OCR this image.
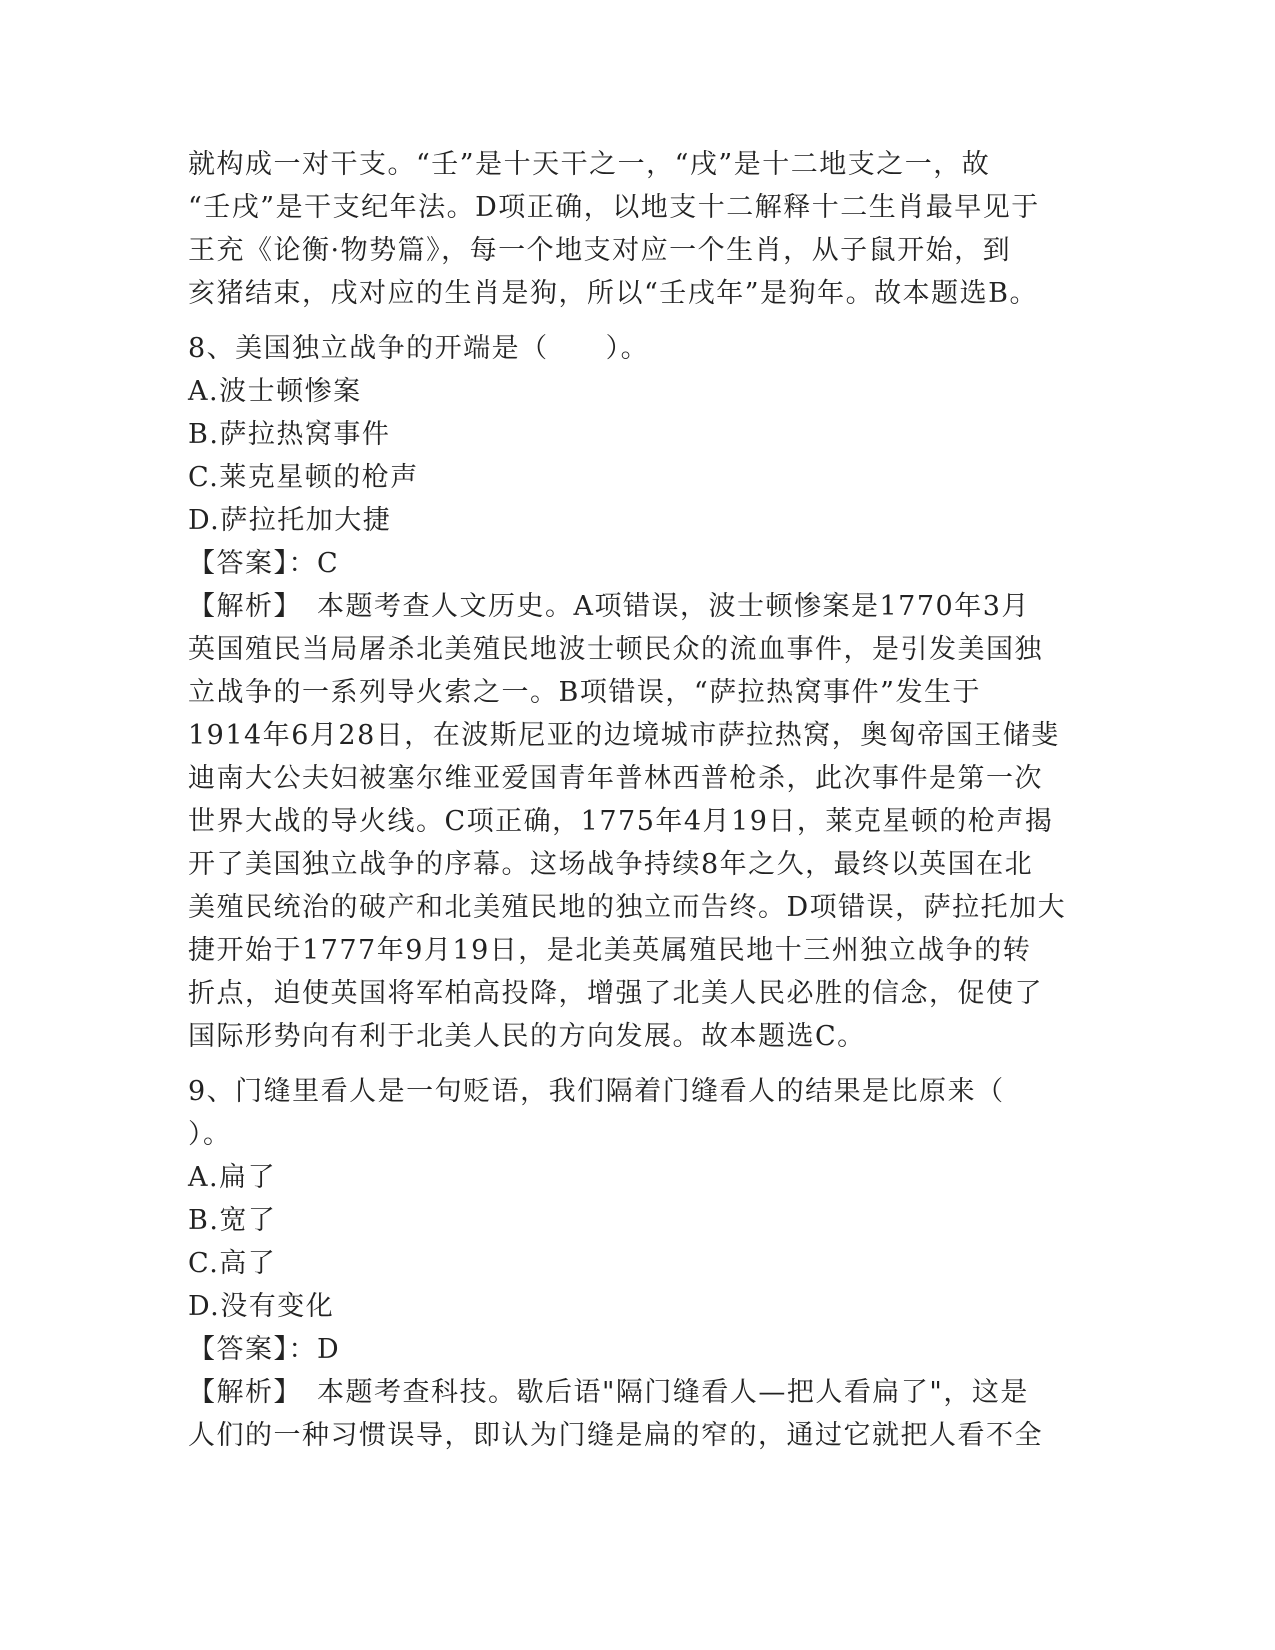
就构成一对干支。“壬”是十天干之一，“戌”是十二地支之一，故

“壬戌”是干支纪年法。D项正确，以地支十二解释十二生肖最早见于

王充《论衡·物势篇》，每一个地支对应一个生肖，从子鼠开始，到

亥猪结束，戌对应的生肖是狗，所以“壬戌年”是狗年。故本题选B。

8、美国独立战争的开端是（　　）。
A.波士顿惨案
B.萨拉热窝事件
C.莱克星顿的枪声
D.萨拉托加大捷
【答案】：C

【解析】　本题考查人文历史。A项错误，波士顿惨案是1770年3月

英国殖民当局屠杀北美殖民地波士顿民众的流血事件，是引发美国独

立战争的一系列导火索之一。B项错误，“萨拉热窝事件”发生于

1914年6月28日，在波斯尼亚的边境城市萨拉热窝，奥匈帝国王储斐

迪南大公夫妇被塞尔维亚爱国青年普林西普枪杀，此次事件是第一次

世界大战的导火线。C项正确，1775年4月19日，莱克星顿的枪声揭

开了美国独立战争的序幕。这场战争持续8年之久，最终以英国在北

美殖民统治的破产和北美殖民地的独立而告终。D项错误，萨拉托加大

捷开始于1777年9月19日，是北美英属殖民地十三州独立战争的转

折点，迫使英国将军柏高投降，增强了北美人民必胜的信念，促使了

国际形势向有利于北美人民的方向发展。故本题选C。

9、门缝里看人是一句贬语，我们隔着门缝看人的结果是比原来（
）。
A.扁了
B.宽了
C.高了
D.没有变化
【答案】：D

【解析】　本题考查科技。歇后语"隔门缝看人—把人看扁了"，这是

人们的一种习惯误导，即认为门缝是扁的窄的，通过它就把人看不全
